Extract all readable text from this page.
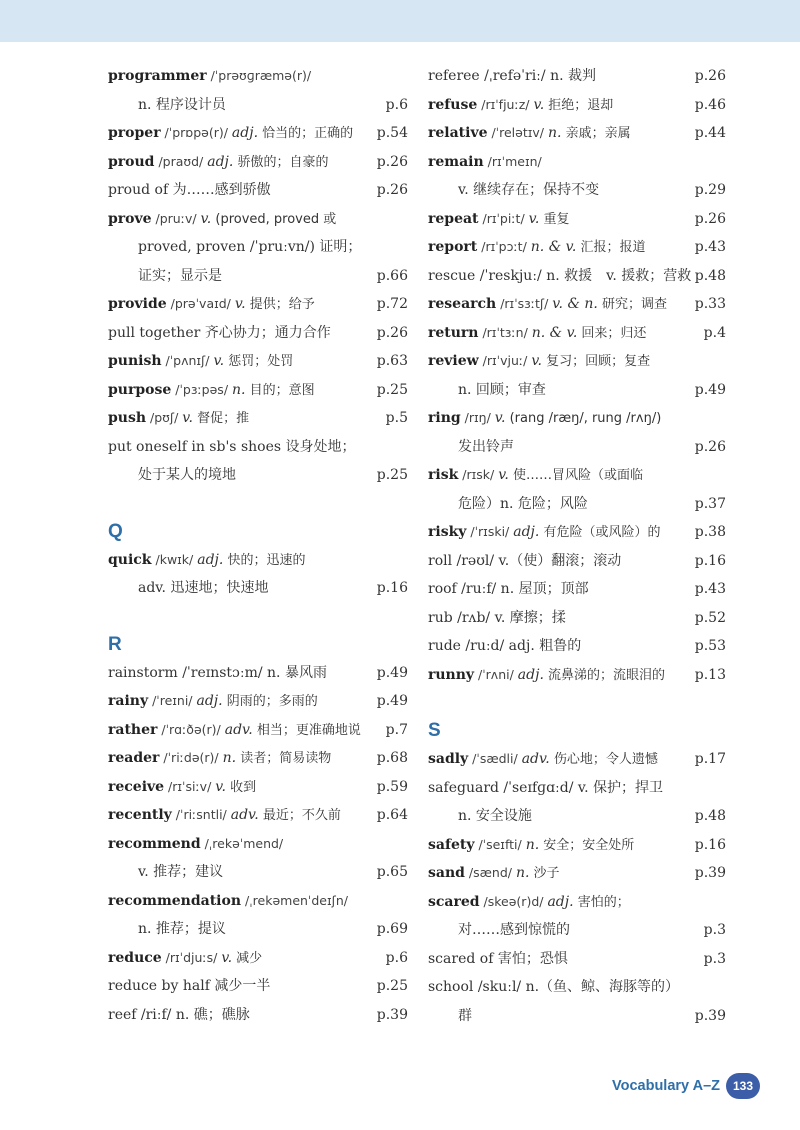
programmer /ˈprəʊɡræmə(r)/
n. 程序设计员	p.6
proper /ˈprɒpə(r)/ adj. 恰当的；正确的 p.54
proud /praʊd/ adj. 骄傲的；自豪的	p.26
proud of 为……感到骄傲	p.26
prove /pruːv/ v. (proved, proved 或
proved, proven /ˈpruːvn/) 证明；
证实；显示是	p.66
provide /prəˈvaɪd/ v. 提供；给予	p.72
pull together 齐心协力；通力合作	p.26
punish /ˈpʌnɪʃ/ v. 惩罚；处罚	p.63
purpose /ˈpɜːpəs/ n. 目的；意图	p.25
push /pʊʃ/ v. 督促；推	p.5
put oneself in sb's shoes 设身处地；
处于某人的境地	p.25
Q
quick /kwɪk/ adj. 快的；迅速的
adv. 迅速地；快速地	p.16
R
rainstorm /ˈreɪnstɔːm/ n. 暴风雨	p.49
rainy /ˈreɪni/ adj. 阴雨的；多雨的	p.49
rather /ˈrɑːðə(r)/ adv. 相当；更准确地说 p.7
reader /ˈriːdə(r)/ n. 读者；简易读物	p.68
receive /rɪˈsiːv/ v. 收到	p.59
recently /ˈriːsntli/ adv. 最近；不久前	p.64
recommend /ˌrekəˈmend/
v. 推荐；建议	p.65
recommendation /ˌrekəmenˈdeɪʃn/
n. 推荐；提议	p.69
reduce /rɪˈdjuːs/ v. 减少	p.6
reduce by half 减少一半	p.25
reef /riːf/ n. 礁；礁脉	p.39
referee /ˌrefəˈriː/ n. 裁判	p.26
refuse /rɪˈfjuːz/ v. 拒绝；退却	p.46
relative /ˈrelətɪv/ n. 亲戚；亲属	p.44
remain /rɪˈmeɪn/
v. 继续存在；保持不变	p.29
repeat /rɪˈpiːt/ v. 重复	p.26
report /rɪˈpɔːt/ n. & v. 汇报；报道	p.43
rescue /ˈreskjuː/ n. 救援　v. 援救；营救 p.48
research /rɪˈsɜːtʃ/ v. & n. 研究；调查 p.33
return /rɪˈtɜːn/ n. & v. 回来；归还	p.4
review /rɪˈvjuː/ v. 复习；回顾；复查
n. 回顾；审查	p.49
ring /rɪŋ/ v. (rang /ræŋ/, rung /rʌŋ/)
发出铃声	p.26
risk /rɪsk/ v. 使……冒风险（或面临
危险）n. 危险；风险	p.37
risky /ˈrɪski/ adj. 有危险（或风险）的 p.38
roll /rəʊl/ v.（使）翻滚；滚动	p.16
roof /ruːf/ n. 屋顶；顶部	p.43
rub /rʌb/ v. 摩擦；揉	p.52
rude /ruːd/ adj. 粗鲁的	p.53
runny /ˈrʌni/ adj. 流鼻涕的；流眼泪的 p.13
S
sadly /ˈsædli/ adv. 伤心地；令人遗憾	p.17
safeguard /ˈseɪfɡɑːd/ v. 保护；捍卫
n. 安全设施	p.48
safety /ˈseɪfti/ n. 安全；安全处所	p.16
sand /sænd/ n. 沙子	p.39
scared /skeə(r)d/ adj. 害怕的；
对……感到惊慌的	p.3
scared of 害怕；恐惧	p.3
school /skuːl/ n.（鱼、鲸、海豚等的）
群	p.39
Vocabulary A–Z	133
